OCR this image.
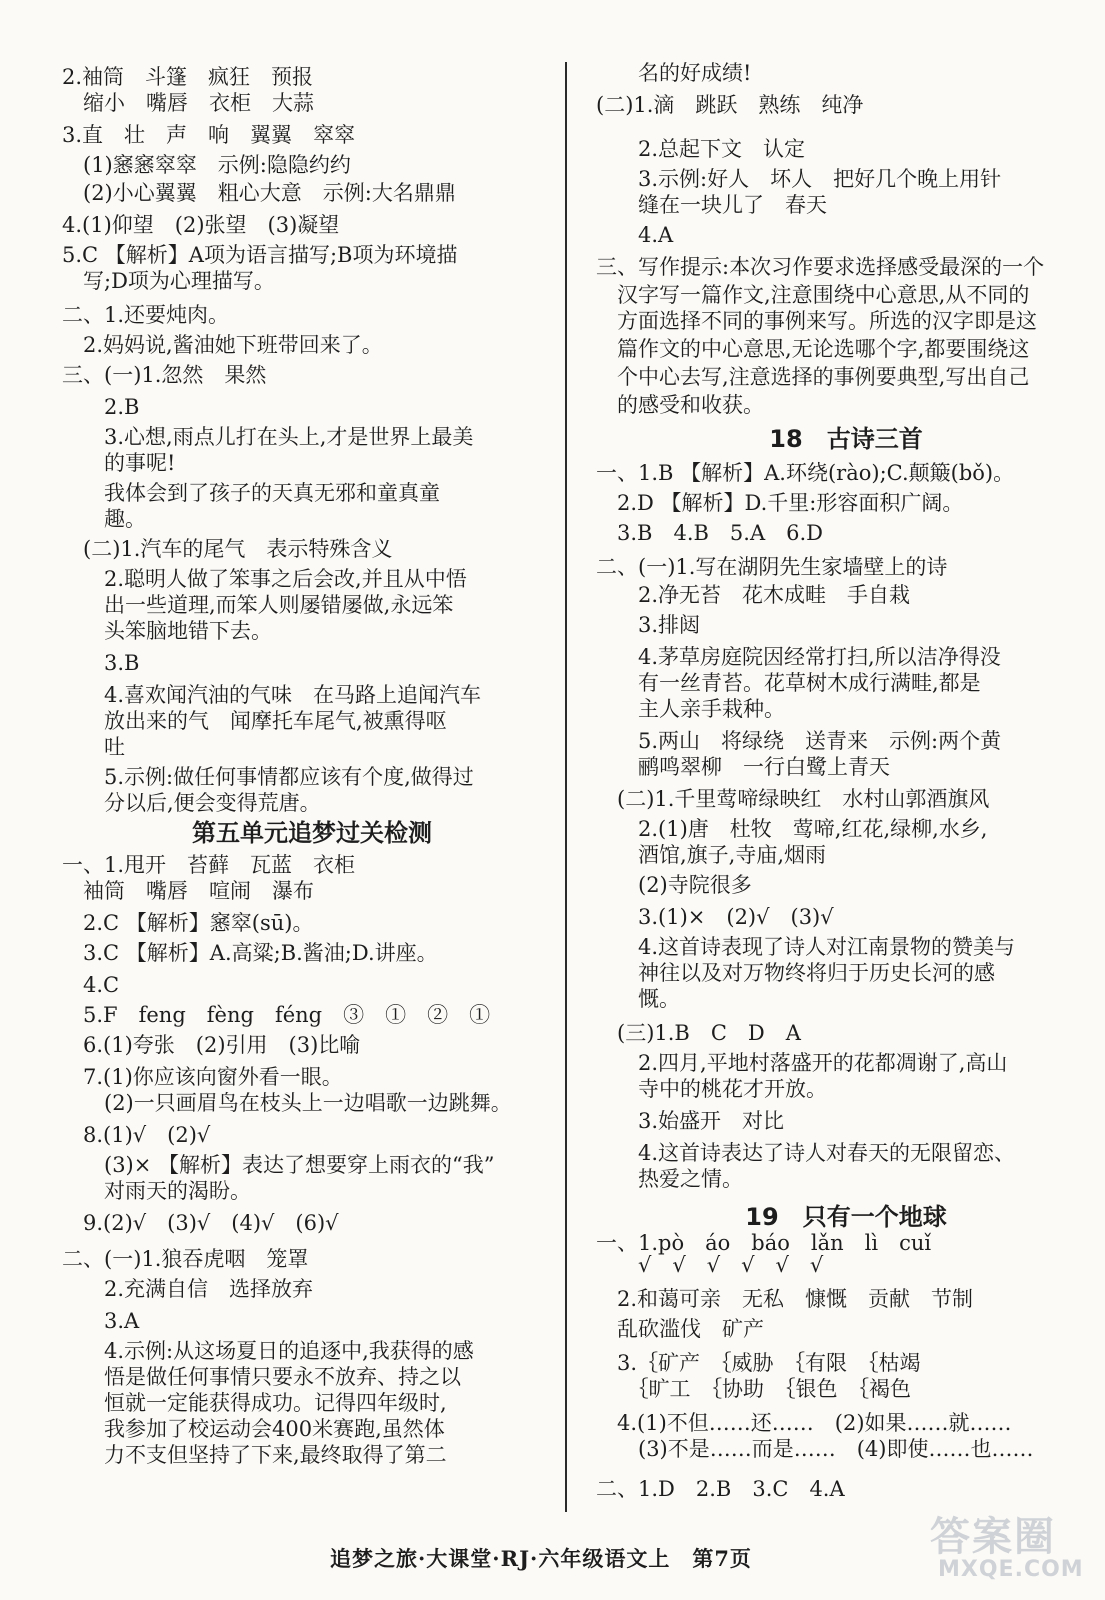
2.袖筒　斗篷　疯狂　预报
　缩小　嘴唇　衣柜　大蒜
3.直　壮　声　响　翼翼　窣窣
　(1)窸窸窣窣　示例:隐隐约约
　(2)小心翼翼　粗心大意　示例:大名鼎鼎
4.(1)仰望　(2)张望　(3)凝望
5.C 【解析】A项为语言描写;B项为环境描
　写;D项为心理描写。
二、1.还要炖肉。
　2.妈妈说,酱油她下班带回来了。
三、(一)1.忽然　果然
　　2.B
　　3.心想,雨点儿打在头上,才是世界上最美
　　的事呢!
　　我体会到了孩子的天真无邪和童真童
　　趣。
　(二)1.汽车的尾气　表示特殊含义
　　2.聪明人做了笨事之后会改,并且从中悟
　　出一些道理,而笨人则屡错屡做,永远笨
　　头笨脑地错下去。
　　3.B
　　4.喜欢闻汽油的气味　在马路上追闻汽车
　　放出来的气　闻摩托车尾气,被熏得呕
　　吐
　　5.示例:做任何事情都应该有个度,做得过
　　分以后,便会变得荒唐。
第五单元追梦过关检测
一、1.甩开　苔藓　瓦蓝　衣柜
　袖筒　嘴唇　喧闹　瀑布
　2.C 【解析】窸窣(sū)。
　3.C 【解析】A.高粱;B.酱油;D.讲座。
　4.C
　5.F　feng　fèng　féng　③　①　②　①
　6.(1)夸张　(2)引用　(3)比喻
　7.(1)你应该向窗外看一眼。
　　(2)一只画眉鸟在枝头上一边唱歌一边跳舞。
　8.(1)√　(2)√
　　(3)× 【解析】表达了想要穿上雨衣的“我”
　　对雨天的渴盼。
　9.(2)√　(3)√　(4)√　(6)√
二、(一)1.狼吞虎咽　笼罩
　　2.充满自信　选择放弃
　　3.A
　　4.示例:从这场夏日的追逐中,我获得的感
　　悟是做任何事情只要永不放弃、持之以
　　恒就一定能获得成功。记得四年级时,
　　我参加了校运动会400米赛跑,虽然体
　　力不支但坚持了下来,最终取得了第二
　　名的好成绩!
(二)1.滴　跳跃　熟练　纯净
　　2.总起下文　认定
　　3.示例:好人　坏人　把好几个晚上用针
　　缝在一块儿了　春天
　　4.A
三、写作提示:本次习作要求选择感受最深的一个
　汉字写一篇作文,注意围绕中心意思,从不同的
　方面选择不同的事例来写。所选的汉字即是这
　篇作文的中心意思,无论选哪个字,都要围绕这
　个中心去写,注意选择的事例要典型,写出自己
　的感受和收获。
18　古诗三首
一、1.B 【解析】A.环绕(rào);C.颠簸(bǒ)。
　2.D 【解析】D.千里:形容面积广阔。
　3.B　4.B　5.A　6.D
二、(一)1.写在湖阴先生家墙壁上的诗
　　2.净无苔　花木成畦　手自栽
　　3.排闼
　　4.茅草房庭院因经常打扫,所以洁净得没
　　有一丝青苔。花草树木成行满畦,都是
　　主人亲手栽种。
　　5.两山　将绿绕　送青来　示例:两个黄
　　鹂鸣翠柳　一行白鹭上青天
　(二)1.千里莺啼绿映红　水村山郭酒旗风
　　2.(1)唐　杜牧　莺啼,红花,绿柳,水乡,
　　酒馆,旗子,寺庙,烟雨
　　(2)寺院很多
　　3.(1)×　(2)√　(3)√
　　4.这首诗表现了诗人对江南景物的赞美与
　　神往以及对万物终将归于历史长河的感
　　慨。
　(三)1.B　C　D　A
　　2.四月,平地村落盛开的花都凋谢了,高山
　　寺中的桃花才开放。
　　3.始盛开　对比
　　4.这首诗表达了诗人对春天的无限留恋、
　　热爱之情。
19　只有一个地球
一、1.pò　áo　báo　lǎn　lì　cuǐ
　　√　√　√　√　√　√
　2.和蔼可亲　无私　慷慨　贡献　节制
　乱砍滥伐　矿产
　3.｛矿产　｛威胁　｛有限　｛枯竭
　　｛旷工　｛协助　｛银色　｛褐色
　4.(1)不但……还……　(2)如果……就……
　　(3)不是……而是……　(4)即使……也……
二、1.D　2.B　3.C　4.A
追梦之旅·大课堂·RJ·六年级语文上　第7页	答案圈
MXQE.COM
